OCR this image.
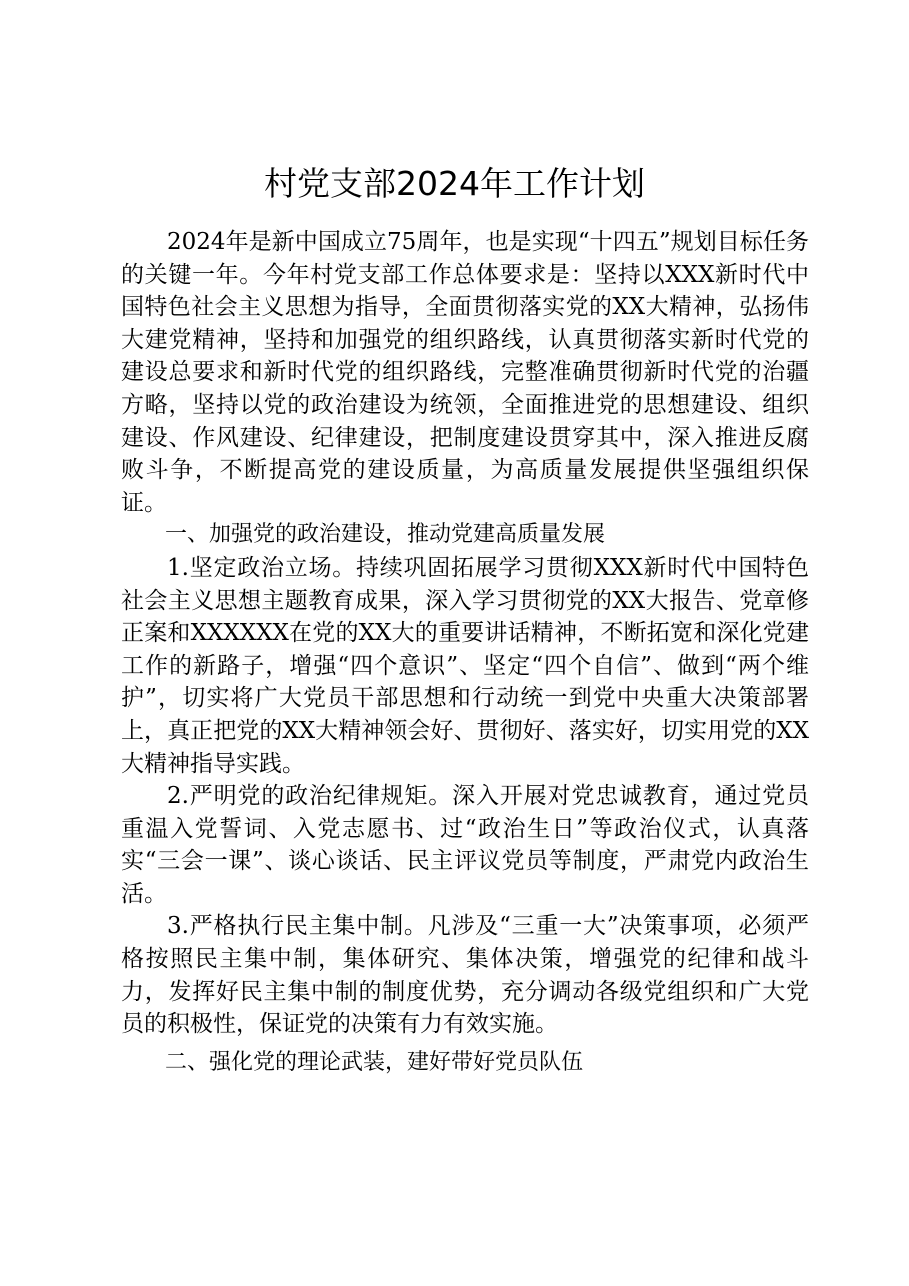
村党支部2024年工作计划

2024年是新中国成立75周年，也是实现“十四五”规划目标任务的关键一年。今年村党支部工作总体要求是：坚持以XXX新时代中国特色社会主义思想为指导，全面贯彻落实党的XX大精神，弘扬伟大建党精神，坚持和加强党的组织路线，认真贯彻落实新时代党的建设总要求和新时代党的组织路线，完整准确贯彻新时代党的治疆方略，坚持以党的政治建设为统领，全面推进党的思想建设、组织建设、作风建设、纪律建设，把制度建设贯穿其中，深入推进反腐败斗争，不断提高党的建设质量，为高质量发展提供坚强组织保证。

一、加强党的政治建设，推动党建高质量发展

1.坚定政治立场。持续巩固拓展学习贯彻XXX新时代中国特色社会主义思想主题教育成果，深入学习贯彻党的XX大报告、党章修正案和XXXXXX在党的XX大的重要讲话精神，不断拓宽和深化党建工作的新路子，增强“四个意识”、坚定“四个自信”、做到“两个维护”，切实将广大党员干部思想和行动统一到党中央重大决策部署上，真正把党的XX大精神领会好、贯彻好、落实好，切实用党的XX大精神指导实践。

2.严明党的政治纪律规矩。深入开展对党忠诚教育，通过党员重温入党誓词、入党志愿书、过“政治生日”等政治仪式，认真落实“三会一课”、谈心谈话、民主评议党员等制度，严肃党内政治生活。

3.严格执行民主集中制。凡涉及“三重一大”决策事项，必须严格按照民主集中制，集体研究、集体决策，增强党的纪律和战斗力，发挥好民主集中制的制度优势，充分调动各级党组织和广大党员的积极性，保证党的决策有力有效实施。

二、强化党的理论武装，建好带好党员队伍
